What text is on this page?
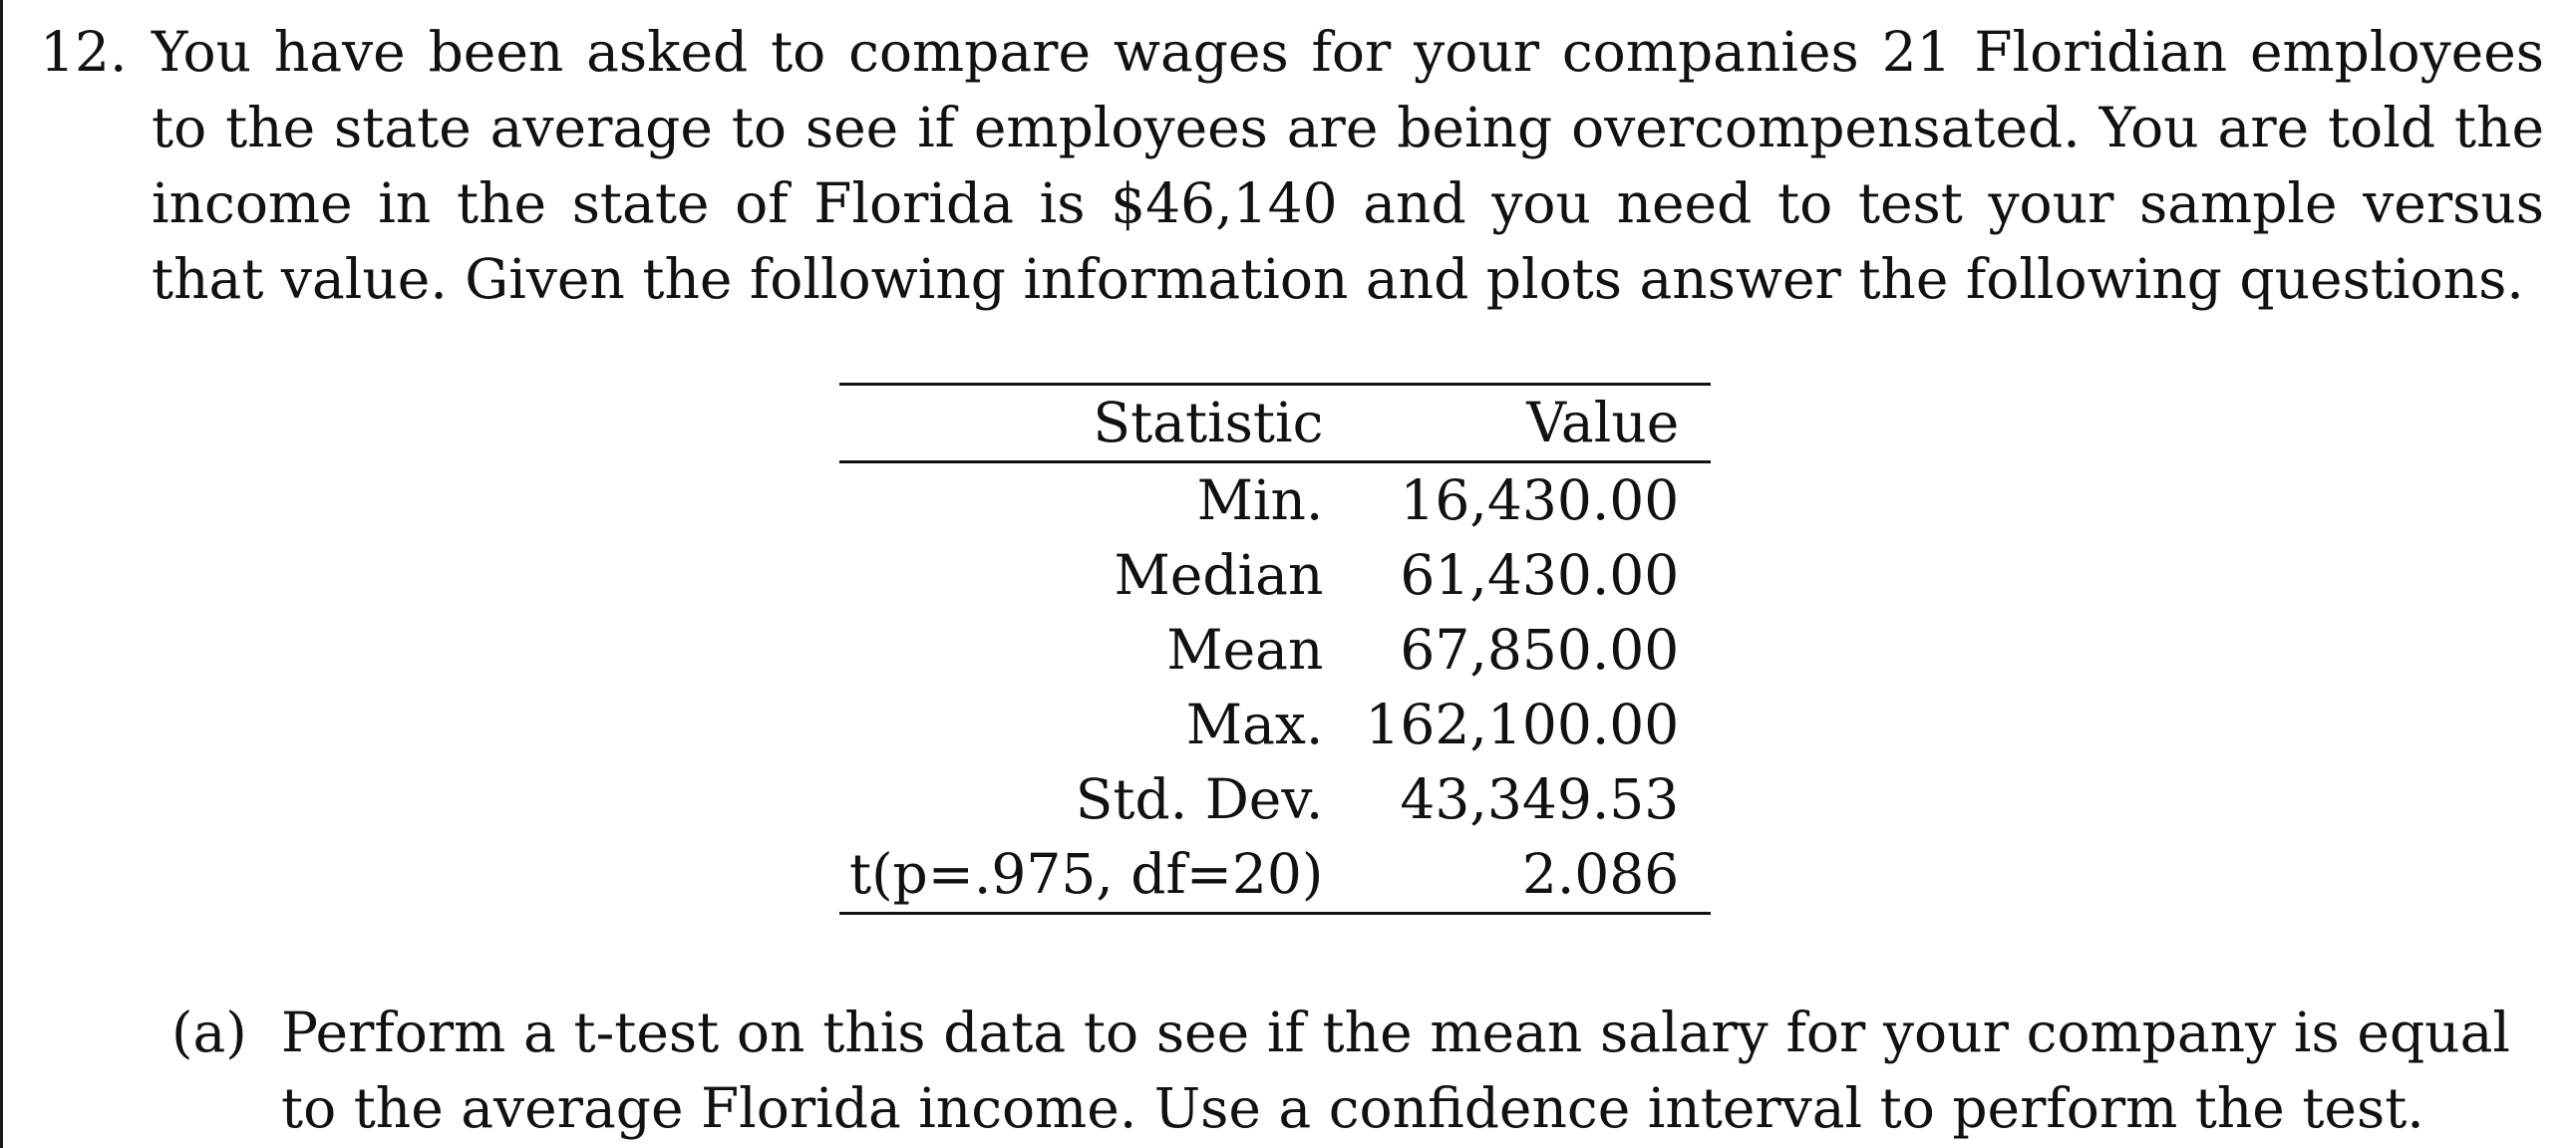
12. You have been asked to compare wages for your companies 21 Floridian employees to the state average to see if employees are being overcompensated. You are told the income in the state of Florida is $46,140 and you need to test your sample versus that value. Given the following information and plots answer the following questions.

Statistic	Value
Min.	16,430.00
Median	61,430.00
Mean	67,850.00
Max.	162,100.00
Std. Dev.	43,349.53
t(p=.975, df=20)	2.086
(a) Perform a t-test on this data to see if the mean salary for your company is equal to the average Florida income. Use a confidence interval to perform the test.
